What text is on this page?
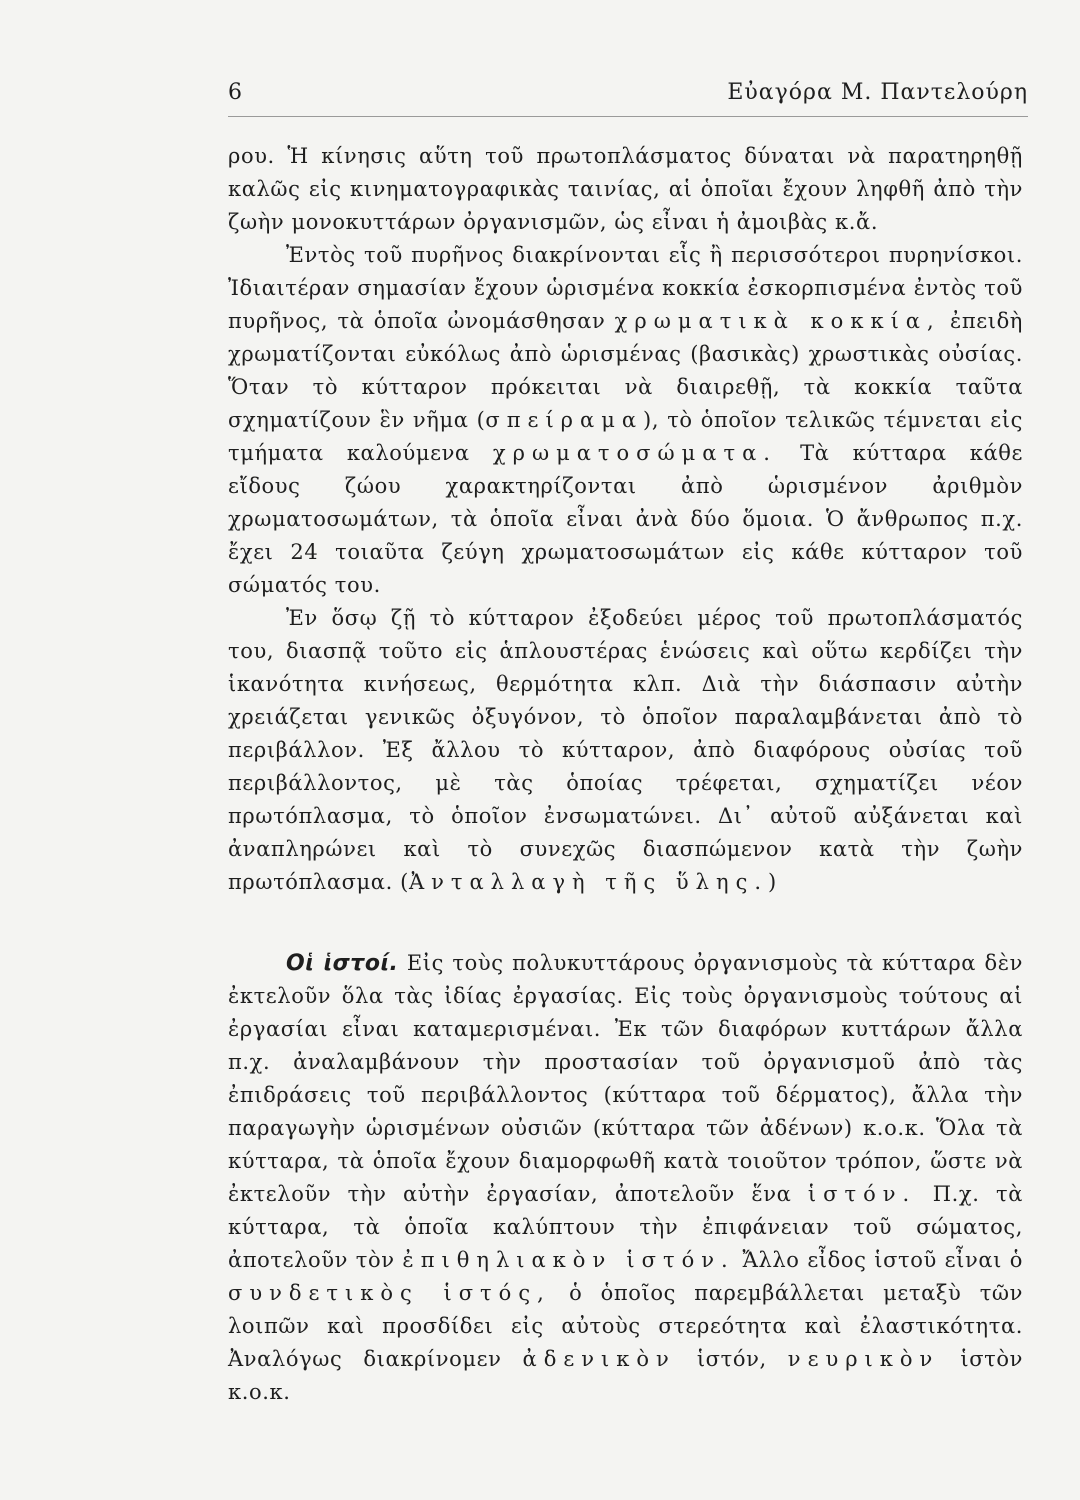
6	Εὐαγόρα Μ. Παντελούρη

ρου. Ἡ κίνησις αὕτη τοῦ πρωτοπλάσματος δύναται νὰ παρατηρηθῇ καλῶς εἰς κινηματογραφικὰς ταινίας, αἱ ὁποῖαι ἔχουν ληφθῆ ἀπὸ τὴν ζωὴν μονοκυττάρων ὀργανισμῶν, ὡς εἶναι ἡ ἀμοιβὰς κ.ἄ.

Ἐντὸς τοῦ πυρῆνος διακρίνονται εἷς ἢ περισσότεροι πυρηνίσκοι. Ἰδιαιτέραν σημασίαν ἔχουν ὡρισμένα κοκκία ἐσκορπισμένα ἐντὸς τοῦ πυρῆνος, τὰ ὁποῖα ὠνομάσθησαν χρωματικὰ κοκκία, ἐπειδὴ χρωματίζονται εὐκόλως ἀπὸ ὡρισμένας (βασικὰς) χρωστικὰς οὐσίας. Ὅταν τὸ κύτταρον πρόκειται νὰ διαιρεθῇ, τὰ κοκκία ταῦτα σχηματίζουν ἓν νῆμα (σπείραμα), τὸ ὁποῖον τελικῶς τέμνεται εἰς τμήματα καλούμενα χρωματοσώματα. Τὰ κύτταρα κάθε εἴδους ζώου χαρακτηρίζονται ἀπὸ ὡρισμένον ἀριθμὸν χρωματοσωμάτων, τὰ ὁποῖα εἶναι ἀνὰ δύο ὅμοια. Ὁ ἄνθρωπος π.χ. ἔχει 24 τοιαῦτα ζεύγη χρωματοσωμάτων εἰς κάθε κύτταρον τοῦ σώματός του.

Ἐν ὅσῳ ζῇ τὸ κύτταρον ἐξοδεύει μέρος τοῦ πρωτοπλάσματός του, διασπᾷ τοῦτο εἰς ἁπλουστέρας ἑνώσεις καὶ οὕτω κερδίζει τὴν ἱκανότητα κινήσεως, θερμότητα κλπ. Διὰ τὴν διάσπασιν αὐτὴν χρειάζεται γενικῶς ὀξυγόνον, τὸ ὁποῖον παραλαμβάνεται ἀπὸ τὸ περιβάλλον. Ἐξ ἄλλου τὸ κύτταρον, ἀπὸ διαφόρους οὐσίας τοῦ περιβάλλοντος, μὲ τὰς ὁποίας τρέφεται, σχηματίζει νέον πρωτόπλασμα, τὸ ὁποῖον ἐνσωματώνει. Δι᾽ αὐτοῦ αὐξάνεται καὶ ἀναπληρώνει καὶ τὸ συνεχῶς διασπώμενον κατὰ τὴν ζωὴν πρωτόπλασμα. (Ἀνταλλαγὴ τῆς ὕλης.)

Οἱ ἱστοί. Εἰς τοὺς πολυκυττάρους ὀργανισμοὺς τὰ κύτταρα δὲν ἐκτελοῦν ὅλα τὰς ἰδίας ἐργασίας. Εἰς τοὺς ὀργανισμοὺς τούτους αἱ ἐργασίαι εἶναι καταμερισμέναι. Ἐκ τῶν διαφόρων κυττάρων ἄλλα π.χ. ἀναλαμβάνουν τὴν προστασίαν τοῦ ὀργανισμοῦ ἀπὸ τὰς ἐπιδράσεις τοῦ περιβάλλοντος (κύτταρα τοῦ δέρματος), ἄλλα τὴν παραγωγὴν ὡρισμένων οὐσιῶν (κύτταρα τῶν ἀδένων) κ.ο.κ. Ὅλα τὰ κύτταρα, τὰ ὁποῖα ἔχουν διαμορφωθῆ κατὰ τοιοῦτον τρόπον, ὥστε νὰ ἐκτελοῦν τὴν αὐτὴν ἐργασίαν, ἀποτελοῦν ἕνα ἱστόν. Π.χ. τὰ κύτταρα, τὰ ὁποῖα καλύπτουν τὴν ἐπιφάνειαν τοῦ σώματος, ἀποτελοῦν τὸν ἐπιθηλιακὸν ἱστόν. Ἄλλο εἶδος ἱστοῦ εἶναι ὁ συνδετικὸς ἱστός, ὁ ὁποῖος παρεμβάλλεται μεταξὺ τῶν λοιπῶν καὶ προσδίδει εἰς αὐτοὺς στερεότητα καὶ ἐλαστικότητα. Ἀναλόγως διακρίνομεν ἀδενικὸν ἱστόν, νευρικὸν ἱστὸν κ.ο.κ.
